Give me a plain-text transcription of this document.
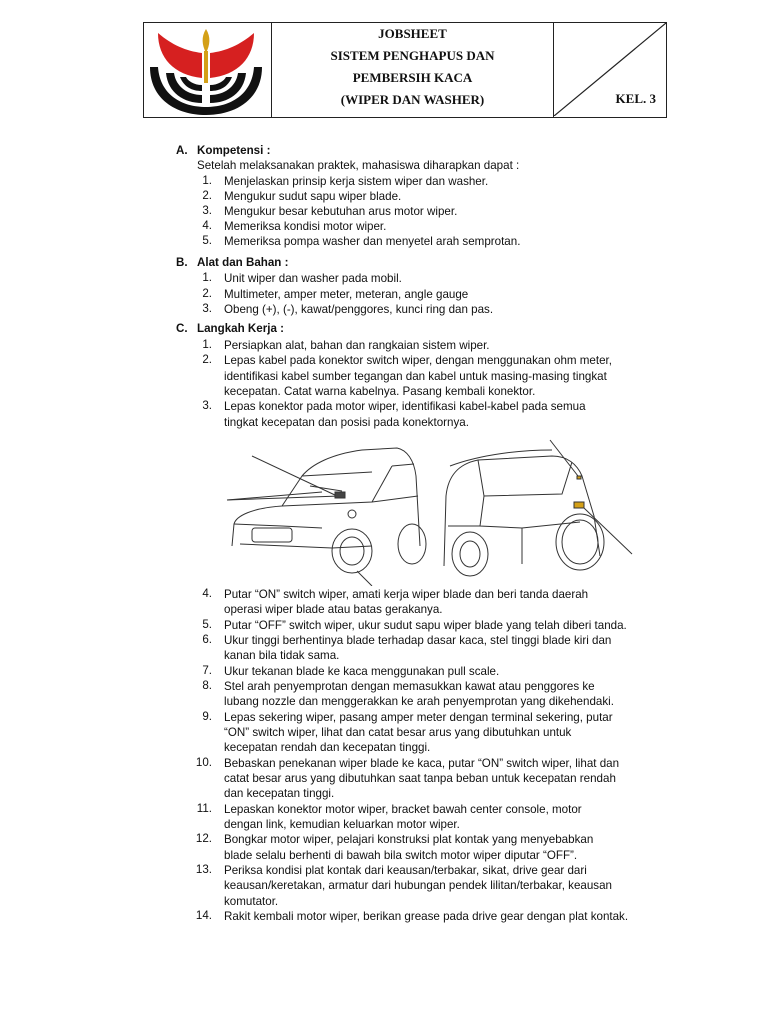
JOBSHEET
SISTEM PENGHAPUS DAN
PEMBERSIH KACA
(WIPER DAN WASHER)	KEL. 3
A. Kompetensi :
Setelah melaksanakan praktek, mahasiswa diharapkan dapat :
1. Menjelaskan prinsip kerja sistem wiper dan washer.
2. Mengukur sudut sapu wiper blade.
3. Mengukur besar kebutuhan arus motor wiper.
4. Memeriksa kondisi motor wiper.
5. Memeriksa pompa washer dan menyetel arah semprotan.
B. Alat dan Bahan :
1. Unit wiper dan washer pada mobil.
2. Multimeter, amper meter, meteran, angle gauge
3. Obeng (+), (-), kawat/penggores, kunci ring dan pas.
C. Langkah Kerja :
1. Persiapkan alat, bahan dan rangkaian sistem wiper.
2. Lepas kabel pada konektor switch wiper, dengan menggunakan ohm meter,
identifikasi kabel sumber tegangan dan kabel untuk masing-masing tingkat
kecepatan. Catat warna kabelnya. Pasang kembali konektor.
3. Lepas konektor pada motor wiper, identifikasi kabel-kabel pada semua
tingkat kecepatan dan posisi pada konektornya.
4. Putar “ON” switch wiper, amati kerja wiper blade dan beri tanda daerah
operasi wiper blade atau batas gerakanya.
5. Putar “OFF” switch wiper, ukur sudut sapu wiper blade yang telah diberi tanda.
6. Ukur tinggi berhentinya blade terhadap dasar kaca, stel tinggi blade kiri dan
kanan bila tidak sama.
7. Ukur tekanan blade ke kaca menggunakan pull scale.
8. Stel arah penyemprotan dengan memasukkan kawat atau penggores ke
lubang nozzle dan menggerakkan ke arah penyemprotan yang dikehendaki.
9. Lepas sekering wiper, pasang amper meter dengan terminal sekering, putar
“ON” switch wiper, lihat dan catat besar arus yang dibutuhkan untuk
kecepatan rendah dan kecepatan tinggi.
10. Bebaskan penekanan wiper blade ke kaca, putar “ON” switch wiper, lihat dan
catat besar arus yang dibutuhkan saat tanpa beban untuk kecepatan rendah
dan kecepatan tinggi.
11. Lepaskan konektor motor wiper, bracket bawah center console, motor
dengan link, kemudian keluarkan motor wiper.
12. Bongkar motor wiper, pelajari konstruksi plat kontak yang menyebabkan
blade selalu berhenti di bawah bila switch motor wiper diputar “OFF”.
13. Periksa kondisi plat kontak dari keausan/terbakar, sikat, drive gear dari
keausan/keretakan, armatur dari hubungan pendek lilitan/terbakar, keausan
komutator.
14. Rakit kembali motor wiper, berikan grease pada drive gear dengan plat kontak.
